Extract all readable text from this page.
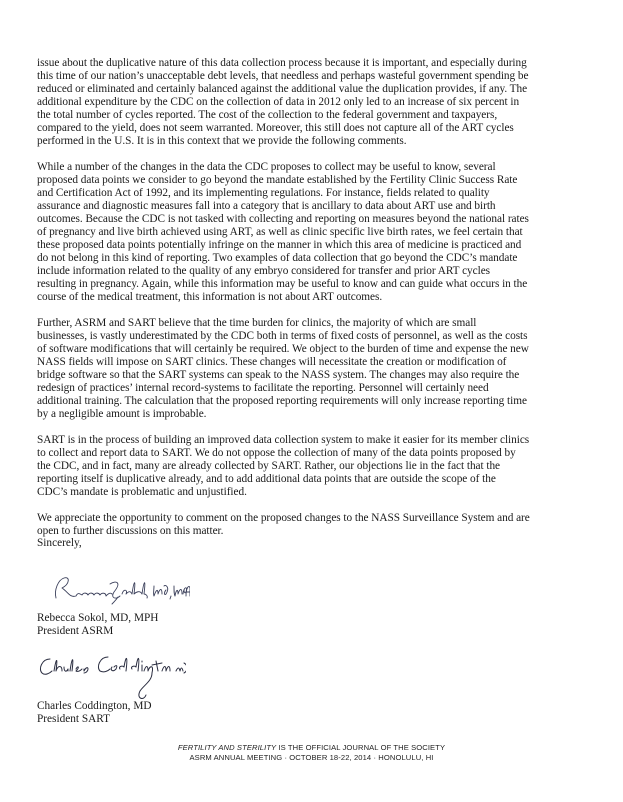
issue about the duplicative nature of this data collection process because it is important, and especially during
this time of our nation’s unacceptable debt levels, that needless and perhaps wasteful government spending be
reduced or eliminated and certainly balanced against the additional value the duplication provides, if any. The
additional expenditure by the CDC on the collection of data in 2012 only led to an increase of six percent in
the total number of cycles reported. The cost of the collection to the federal government and taxpayers,
compared to the yield, does not seem warranted. Moreover, this still does not capture all of the ART cycles
performed in the U.S. It is in this context that we provide the following comments.

While a number of the changes in the data the CDC proposes to collect may be useful to know, several
proposed data points we consider to go beyond the mandate established by the Fertility Clinic Success Rate
and Certification Act of 1992, and its implementing regulations. For instance, fields related to quality
assurance and diagnostic measures fall into a category that is ancillary to data about ART use and birth
outcomes. Because the CDC is not tasked with collecting and reporting on measures beyond the national rates
of pregnancy and live birth achieved using ART, as well as clinic specific live birth rates, we feel certain that
these proposed data points potentially infringe on the manner in which this area of medicine is practiced and
do not belong in this kind of reporting. Two examples of data collection that go beyond the CDC’s mandate
include information related to the quality of any embryo considered for transfer and prior ART cycles
resulting in pregnancy. Again, while this information may be useful to know and can guide what occurs in the
course of the medical treatment, this information is not about ART outcomes.

Further, ASRM and SART believe that the time burden for clinics, the majority of which are small
businesses, is vastly underestimated by the CDC both in terms of fixed costs of personnel, as well as the costs
of software modifications that will certainly be required. We object to the burden of time and expense the new
NASS fields will impose on SART clinics. These changes will necessitate the creation or modification of
bridge software so that the SART systems can speak to the NASS system. The changes may also require the
redesign of practices’ internal record-systems to facilitate the reporting. Personnel will certainly need
additional training. The calculation that the proposed reporting requirements will only increase reporting time
by a negligible amount is improbable.

SART is in the process of building an improved data collection system to make it easier for its member clinics
to collect and report data to SART. We do not oppose the collection of many of the data points proposed by
the CDC, and in fact, many are already collected by SART. Rather, our objections lie in the fact that the
reporting itself is duplicative already, and to add additional data points that are outside the scope of the
CDC’s mandate is problematic and unjustified.

We appreciate the opportunity to comment on the proposed changes to the NASS Surveillance System and are
open to further discussions on this matter.

Sincerely,
Rebecca Sokol, MD, MPH
President ASRM
Charles Coddington, MD
President SART
FERTILITY AND STERILITY IS THE OFFICIAL JOURNAL OF THE SOCIETY
ASRM ANNUAL MEETING · OCTOBER 18-22, 2014 · HONOLULU, HI
